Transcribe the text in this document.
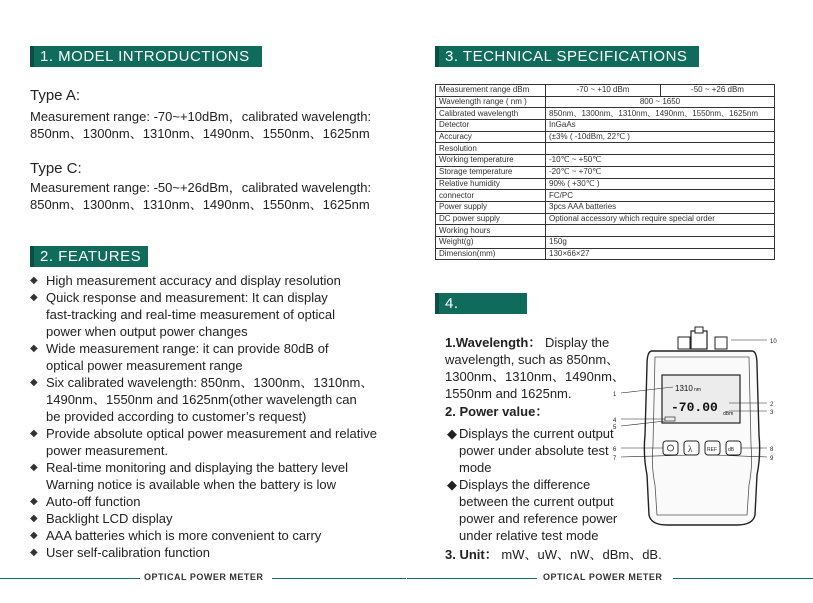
1. MODEL INTRODUCTIONS
Type A:
Measurement range: -70~+10dBm，calibrated wavelength:
850nm、1300nm、1310nm、1490nm、1550nm、1625nm
Type C:
Measurement range: -50~+26dBm，calibrated wavelength:
850nm、1300nm、1310nm、1490nm、1550nm、1625nm
2. FEATURES
◆ High measurement accuracy and display resolution
◆ Quick response and measurement: It can display
fast-tracking and real-time measurement of optical
power when output power changes
◆ Wide measurement range: it can provide 80dB of
optical power measurement range
◆ Six calibrated wavelength: 850nm、1300nm、1310nm、
1490nm、1550nm and 1625nm(other wavelength can
be provided according to customer’s request)
◆ Provide absolute optical power measurement and relative
power measurement.
◆ Real-time monitoring and displaying the battery level
Warning notice is available when the battery is low
◆ Auto-off function
◆ Backlight LCD display
◆ AAA batteries which is more convenient to carry
◆ User self-calibration function
OPTICAL POWER METER
3. TECHNICAL SPECIFICATIONS
Measurement range dBm	-70 ~ +10 dBm	-50 ~ +26 dBm
Wavelength range ( nm )	800 ~ 1650	
Calibrated wavelength	850nm、1300nm、1310nm、1490nm、1550nm、1625nm	
Detector	InGaAs	
Accuracy	(±3% ( -10dBm, 22℃ )	
Resolution		
Working temperature	-10℃ ~ +50℃	
Storage temperature	-20℃ ~ +70℃	
Relative humidity	90% ( +30℃ )	
connector	FC/PC	
Power supply	3pcs AAA batteries	
DC power supply	Optional accessory which require special order	
Working hours		
Weight(g)	150g	
Dimension(mm)	130×66×27	
4. LAYOUT
1.Wavelength： Display the
wavelength, such as 850nm、
1300nm、1310nm、1490nm、
1550nm and 1625nm.
2. Power value：
◆ Displays the current output
power under absolute test
mode
◆ Displays the difference
between the current output
power and reference power
under relative test mode
3. Unit： mW、uW、nW、dBm、dB.
1310 nm
-70.00 dBm
λ	REF dB
10
1
2
3
4
5
6
7
8
9
OPTICAL POWER METER
